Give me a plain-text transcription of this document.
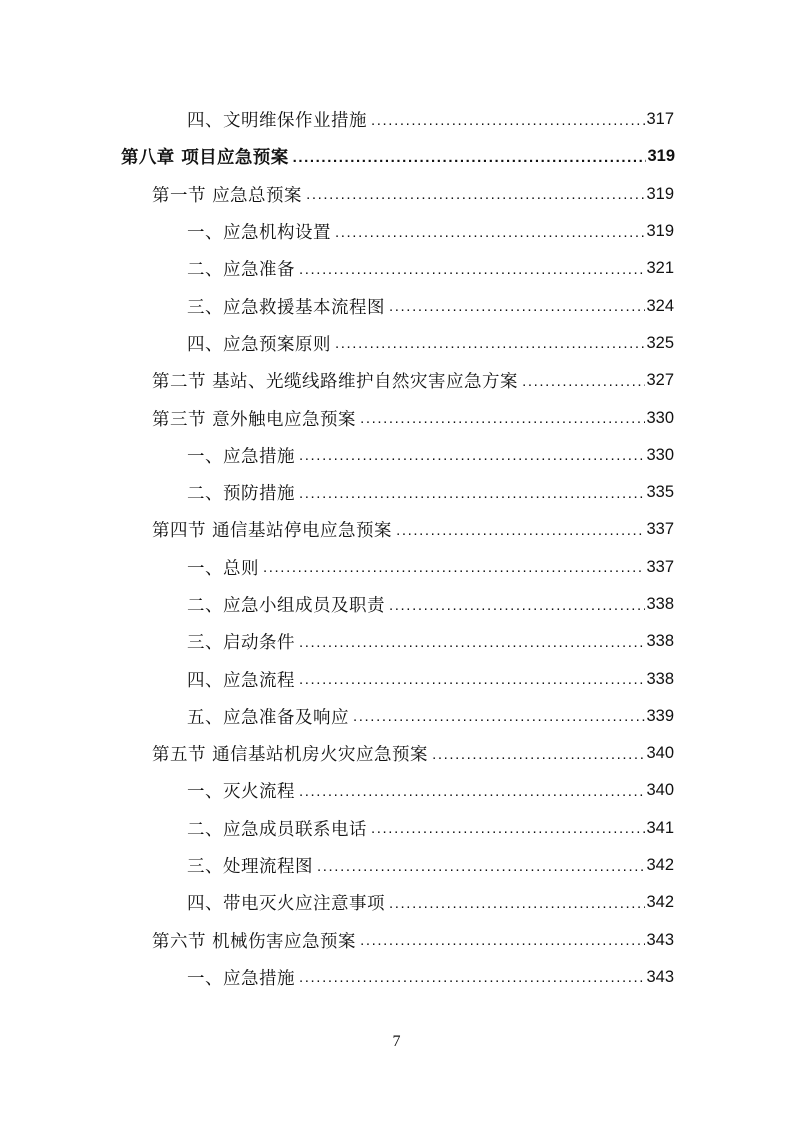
四、文明维保作业措施 .....	317
第八章 项目应急预案 .....	319
第一节 应急总预案 .....	319
一、应急机构设置 .....	319
二、应急准备 .....	321
三、应急救援基本流程图 .....	324
四、应急预案原则 .....	325
第二节 基站、光缆线路维护自然灾害应急方案 .....	327
第三节 意外触电应急预案 .....	330
一、应急措施 .....	330
二、预防措施 .....	335
第四节 通信基站停电应急预案 .....	337
一、总则 .....	337
二、应急小组成员及职责 .....	338
三、启动条件 .....	338
四、应急流程 .....	338
五、应急准备及响应 .....	339
第五节 通信基站机房火灾应急预案 .....	340
一、灭火流程 .....	340
二、应急成员联系电话 .....	341
三、处理流程图 .....	342
四、带电灭火应注意事项 .....	342
第六节 机械伤害应急预案 .....	343
一、应急措施 .....	343
7
